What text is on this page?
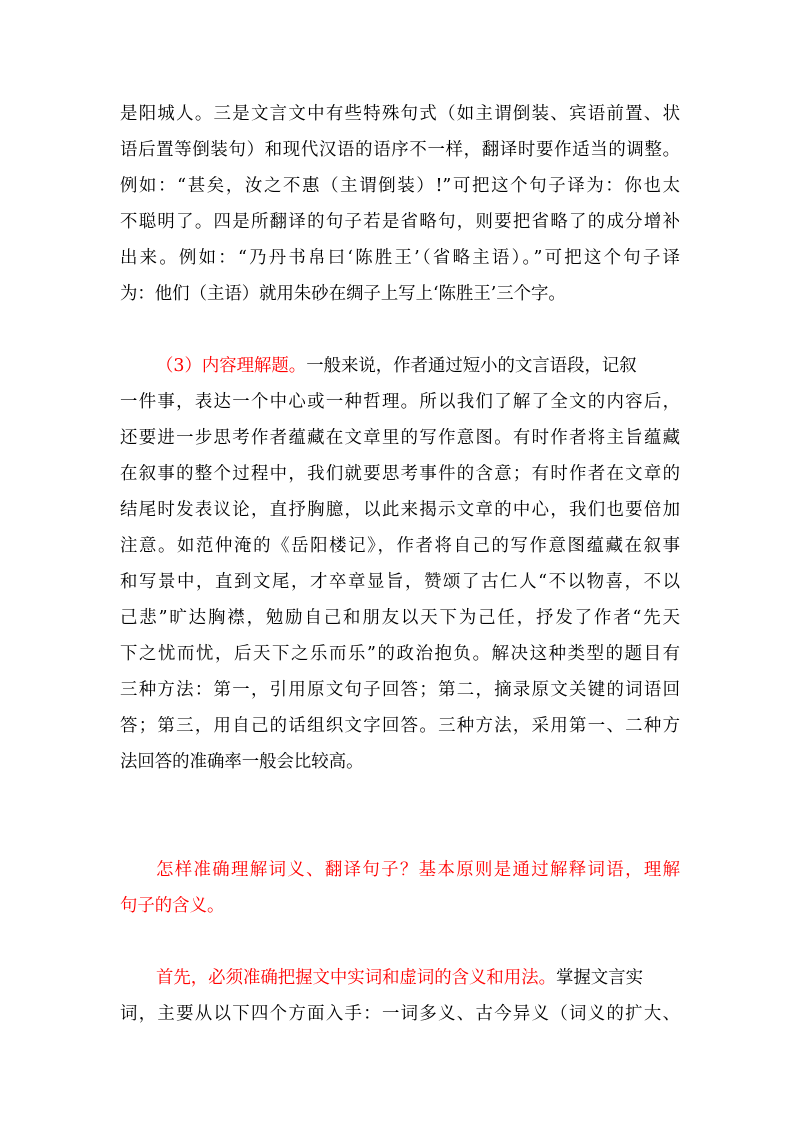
是阳城人。三是文言文中有些特殊句式（如主谓倒装、宾语前置、状
语后置等倒装句）和现代汉语的语序不一样，翻译时要作适当的调整。
例如：“甚矣，汝之不惠（主谓倒装）!”可把这个句子译为：你也太
不聪明了。四是所翻译的句子若是省略句，则要把省略了的成分增补
出来。例如：“乃丹书帛曰‘陈胜王’（省略主语）。”可把这个句子译
为：他们（主语）就用朱砂在绸子上写上‘陈胜王’三个字。
（3）内容理解题。一般来说，作者通过短小的文言语段，记叙
一件事，表达一个中心或一种哲理。所以我们了解了全文的内容后，
还要进一步思考作者蕴藏在文章里的写作意图。有时作者将主旨蕴藏
在叙事的整个过程中，我们就要思考事件的含意；有时作者在文章的
结尾时发表议论，直抒胸臆，以此来揭示文章的中心，我们也要倍加
注意。如范仲淹的《岳阳楼记》，作者将自己的写作意图蕴藏在叙事
和写景中，直到文尾，才卒章显旨，赞颂了古仁人“不以物喜，不以
己悲”旷达胸襟，勉励自己和朋友以天下为己任，抒发了作者“先天
下之忧而忧，后天下之乐而乐”的政治抱负。解决这种类型的题目有
三种方法：第一，引用原文句子回答；第二，摘录原文关键的词语回
答；第三，用自己的话组织文字回答。三种方法，采用第一、二种方
法回答的准确率一般会比较高。
怎样准确理解词义、翻译句子？基本原则是通过解释词语，理解
句子的含义。
首先，必须准确把握文中实词和虚词的含义和用法。掌握文言实
词，主要从以下四个方面入手：一词多义、古今异义（词义的扩大、
